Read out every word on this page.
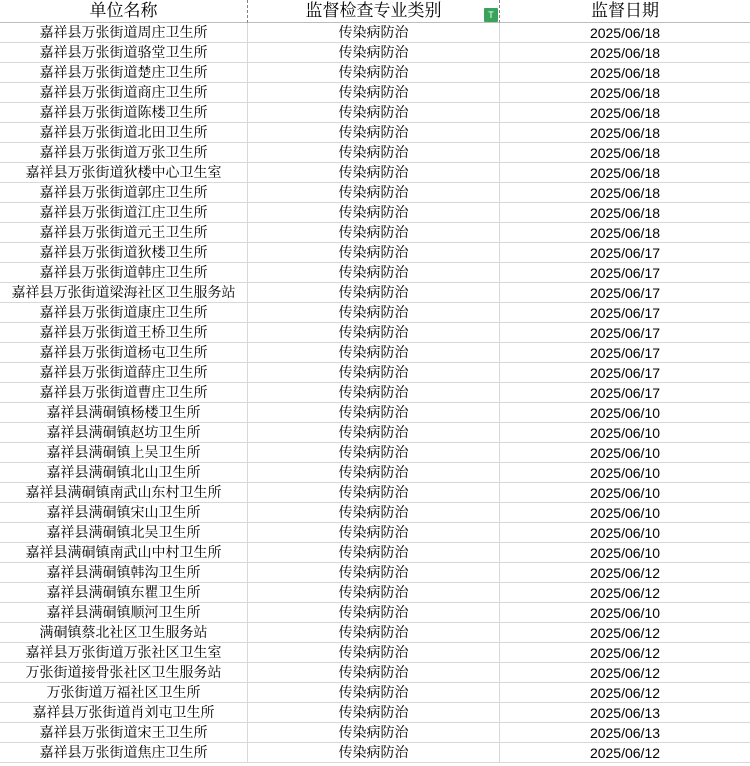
单位名称	监督检查专业类别	监督日期
T
嘉祥县万张街道周庄卫生所	传染病防治	2025/06/18
嘉祥县万张街道骆堂卫生所	传染病防治	2025/06/18
嘉祥县万张街道楚庄卫生所	传染病防治	2025/06/18
嘉祥县万张街道商庄卫生所	传染病防治	2025/06/18
嘉祥县万张街道陈楼卫生所	传染病防治	2025/06/18
嘉祥县万张街道北田卫生所	传染病防治	2025/06/18
嘉祥县万张街道万张卫生所	传染病防治	2025/06/18
嘉祥县万张街道狄楼中心卫生室	传染病防治	2025/06/18
嘉祥县万张街道郭庄卫生所	传染病防治	2025/06/18
嘉祥县万张街道江庄卫生所	传染病防治	2025/06/18
嘉祥县万张街道元王卫生所	传染病防治	2025/06/18
嘉祥县万张街道狄楼卫生所	传染病防治	2025/06/17
嘉祥县万张街道韩庄卫生所	传染病防治	2025/06/17
嘉祥县万张街道梁海社区卫生服务站	传染病防治	2025/06/17
嘉祥县万张街道康庄卫生所	传染病防治	2025/06/17
嘉祥县万张街道王桥卫生所	传染病防治	2025/06/17
嘉祥县万张街道杨屯卫生所	传染病防治	2025/06/17
嘉祥县万张街道薛庄卫生所	传染病防治	2025/06/17
嘉祥县万张街道曹庄卫生所	传染病防治	2025/06/17
嘉祥县满硐镇杨楼卫生所	传染病防治	2025/06/10
嘉祥县满硐镇赵坊卫生所	传染病防治	2025/06/10
嘉祥县满硐镇上吴卫生所	传染病防治	2025/06/10
嘉祥县满硐镇北山卫生所	传染病防治	2025/06/10
嘉祥县满硐镇南武山东村卫生所	传染病防治	2025/06/10
嘉祥县满硐镇宋山卫生所	传染病防治	2025/06/10
嘉祥县满硐镇北吴卫生所	传染病防治	2025/06/10
嘉祥县满硐镇南武山中村卫生所	传染病防治	2025/06/10
嘉祥县满硐镇韩沟卫生所	传染病防治	2025/06/12
嘉祥县满硐镇东瞿卫生所	传染病防治	2025/06/12
嘉祥县满硐镇顺河卫生所	传染病防治	2025/06/10
满硐镇蔡北社区卫生服务站	传染病防治	2025/06/12
嘉祥县万张街道万张社区卫生室	传染病防治	2025/06/12
万张街道接骨张社区卫生服务站	传染病防治	2025/06/12
万张街道万福社区卫生所	传染病防治	2025/06/12
嘉祥县万张街道肖刘屯卫生所	传染病防治	2025/06/13
嘉祥县万张街道宋王卫生所	传染病防治	2025/06/13
嘉祥县万张街道焦庄卫生所	传染病防治	2025/06/12
